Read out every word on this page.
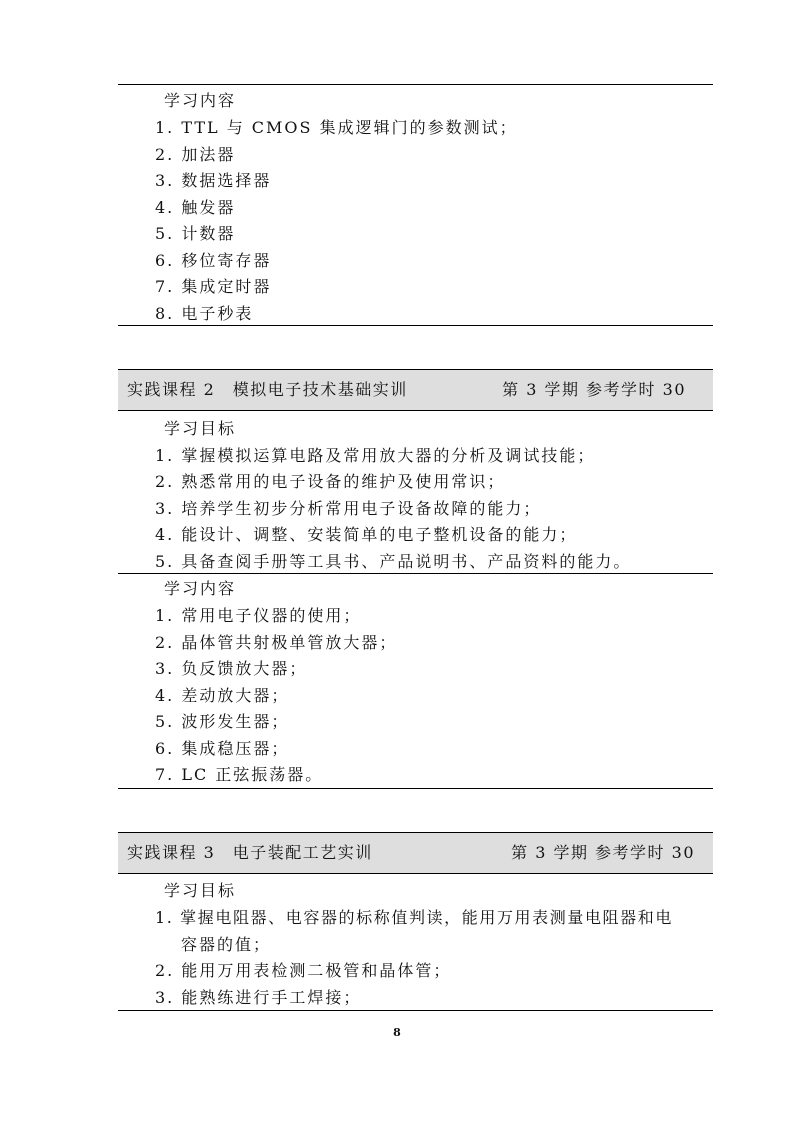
学习内容
1. TTL 与 CMOS 集成逻辑门的参数测试；
2. 加法器
3. 数据选择器
4. 触发器
5. 计数器
6. 移位寄存器
7. 集成定时器
8. 电子秒表
实践课程 2　模拟电子技术基础实训	第 3 学期 参考学时 30
学习目标
1. 掌握模拟运算电路及常用放大器的分析及调试技能；
2. 熟悉常用的电子设备的维护及使用常识；
3. 培养学生初步分析常用电子设备故障的能力；
4. 能设计、调整、安装简单的电子整机设备的能力；
5. 具备查阅手册等工具书、产品说明书、产品资料的能力。
学习内容
1. 常用电子仪器的使用；
2. 晶体管共射极单管放大器；
3. 负反馈放大器；
4. 差动放大器；
5. 波形发生器；
6. 集成稳压器；
7. LC 正弦振荡器。
实践课程 3　电子装配工艺实训	第 3 学期 参考学时 30
学习目标
1. 掌握电阻器、电容器的标称值判读，能用万用表测量电阻器和电
容器的值；
2. 能用万用表检测二极管和晶体管；
3. 能熟练进行手工焊接；
8
